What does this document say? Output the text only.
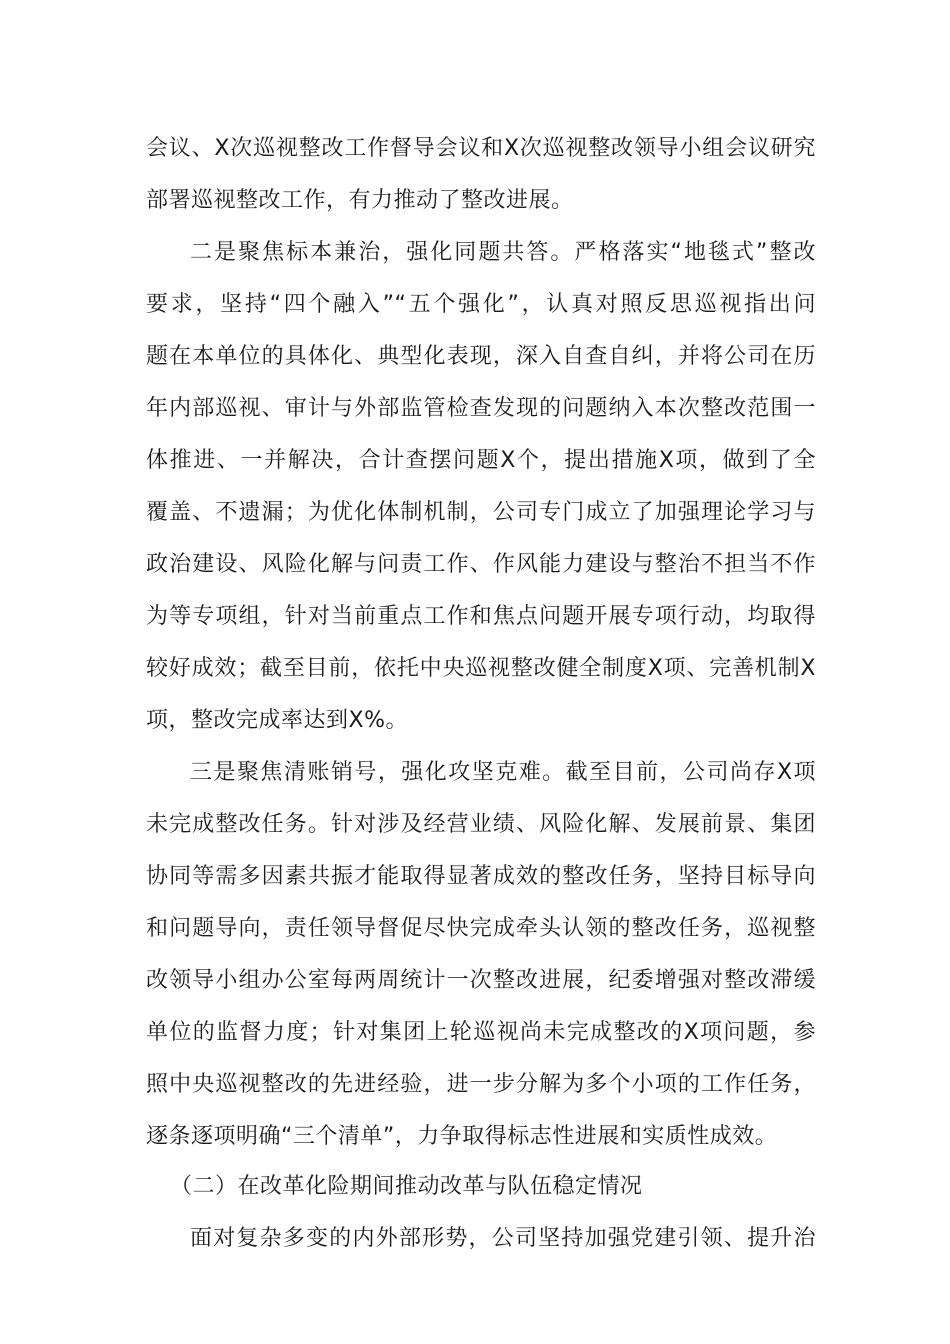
会议、X次巡视整改工作督导会议和X次巡视整改领导小组会议研究
部署巡视整改工作，有力推动了整改进展。
二是聚焦标本兼治，强化同题共答。严格落实“地毯式”整改
要求，坚持“四个融入”“五个强化”，认真对照反思巡视指出问
题在本单位的具体化、典型化表现，深入自查自纠，并将公司在历
年内部巡视、审计与外部监管检查发现的问题纳入本次整改范围一
体推进、一并解决，合计查摆问题X个，提出措施X项，做到了全
覆盖、不遗漏；为优化体制机制，公司专门成立了加强理论学习与
政治建设、风险化解与问责工作、作风能力建设与整治不担当不作
为等专项组，针对当前重点工作和焦点问题开展专项行动，均取得
较好成效；截至目前，依托中央巡视整改健全制度X项、完善机制X
项，整改完成率达到X%。
三是聚焦清账销号，强化攻坚克难。截至目前，公司尚存X项
未完成整改任务。针对涉及经营业绩、风险化解、发展前景、集团
协同等需多因素共振才能取得显著成效的整改任务，坚持目标导向
和问题导向，责任领导督促尽快完成牵头认领的整改任务，巡视整
改领导小组办公室每两周统计一次整改进展，纪委增强对整改滞缓
单位的监督力度；针对集团上轮巡视尚未完成整改的X项问题，参
照中央巡视整改的先进经验，进一步分解为多个小项的工作任务，
逐条逐项明确“三个清单”，力争取得标志性进展和实质性成效。
（二）在改革化险期间推动改革与队伍稳定情况
面对复杂多变的内外部形势，公司坚持加强党建引领、提升治
